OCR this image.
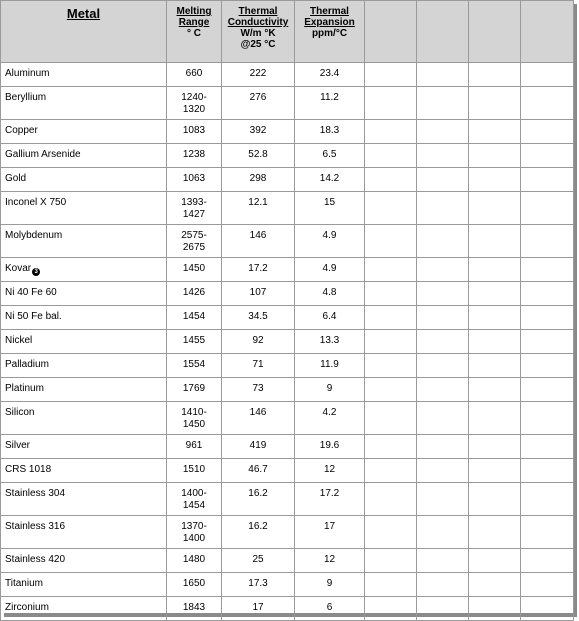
Metal	Melting
Range
° C	Thermal
Conductivity
W/m °K
@25 °C	Thermal
Expansion
ppm/°C				

Aluminum	660	222	23.4				
Beryllium	1240-
1320	276	11.2				
Copper	1083	392	18.3				
Gallium Arsenide	1238	52.8	6.5				
Gold	1063	298	14.2				
Inconel X 750	1393-
1427	12.1	15				
Molybdenum	2575-
2675	146	4.9				
Kovar 3	1450	17.2	4.9				
Ni 40 Fe 60	1426	107	4.8				
Ni 50 Fe bal.	1454	34.5	6.4				
Nickel	1455	92	13.3				
Palladium	1554	71	11.9				
Platinum	1769	73	9				
Silicon	1410-
1450	146	4.2				
Silver	961	419	19.6				
CRS 1018	1510	46.7	12				
Stainless 304	1400-
1454	16.2	17.2				
Stainless 316	1370-
1400	16.2	17				
Stainless 420	1480	25	12				
Titanium	1650	17.3	9				
Zirconium	1843	17	6				
